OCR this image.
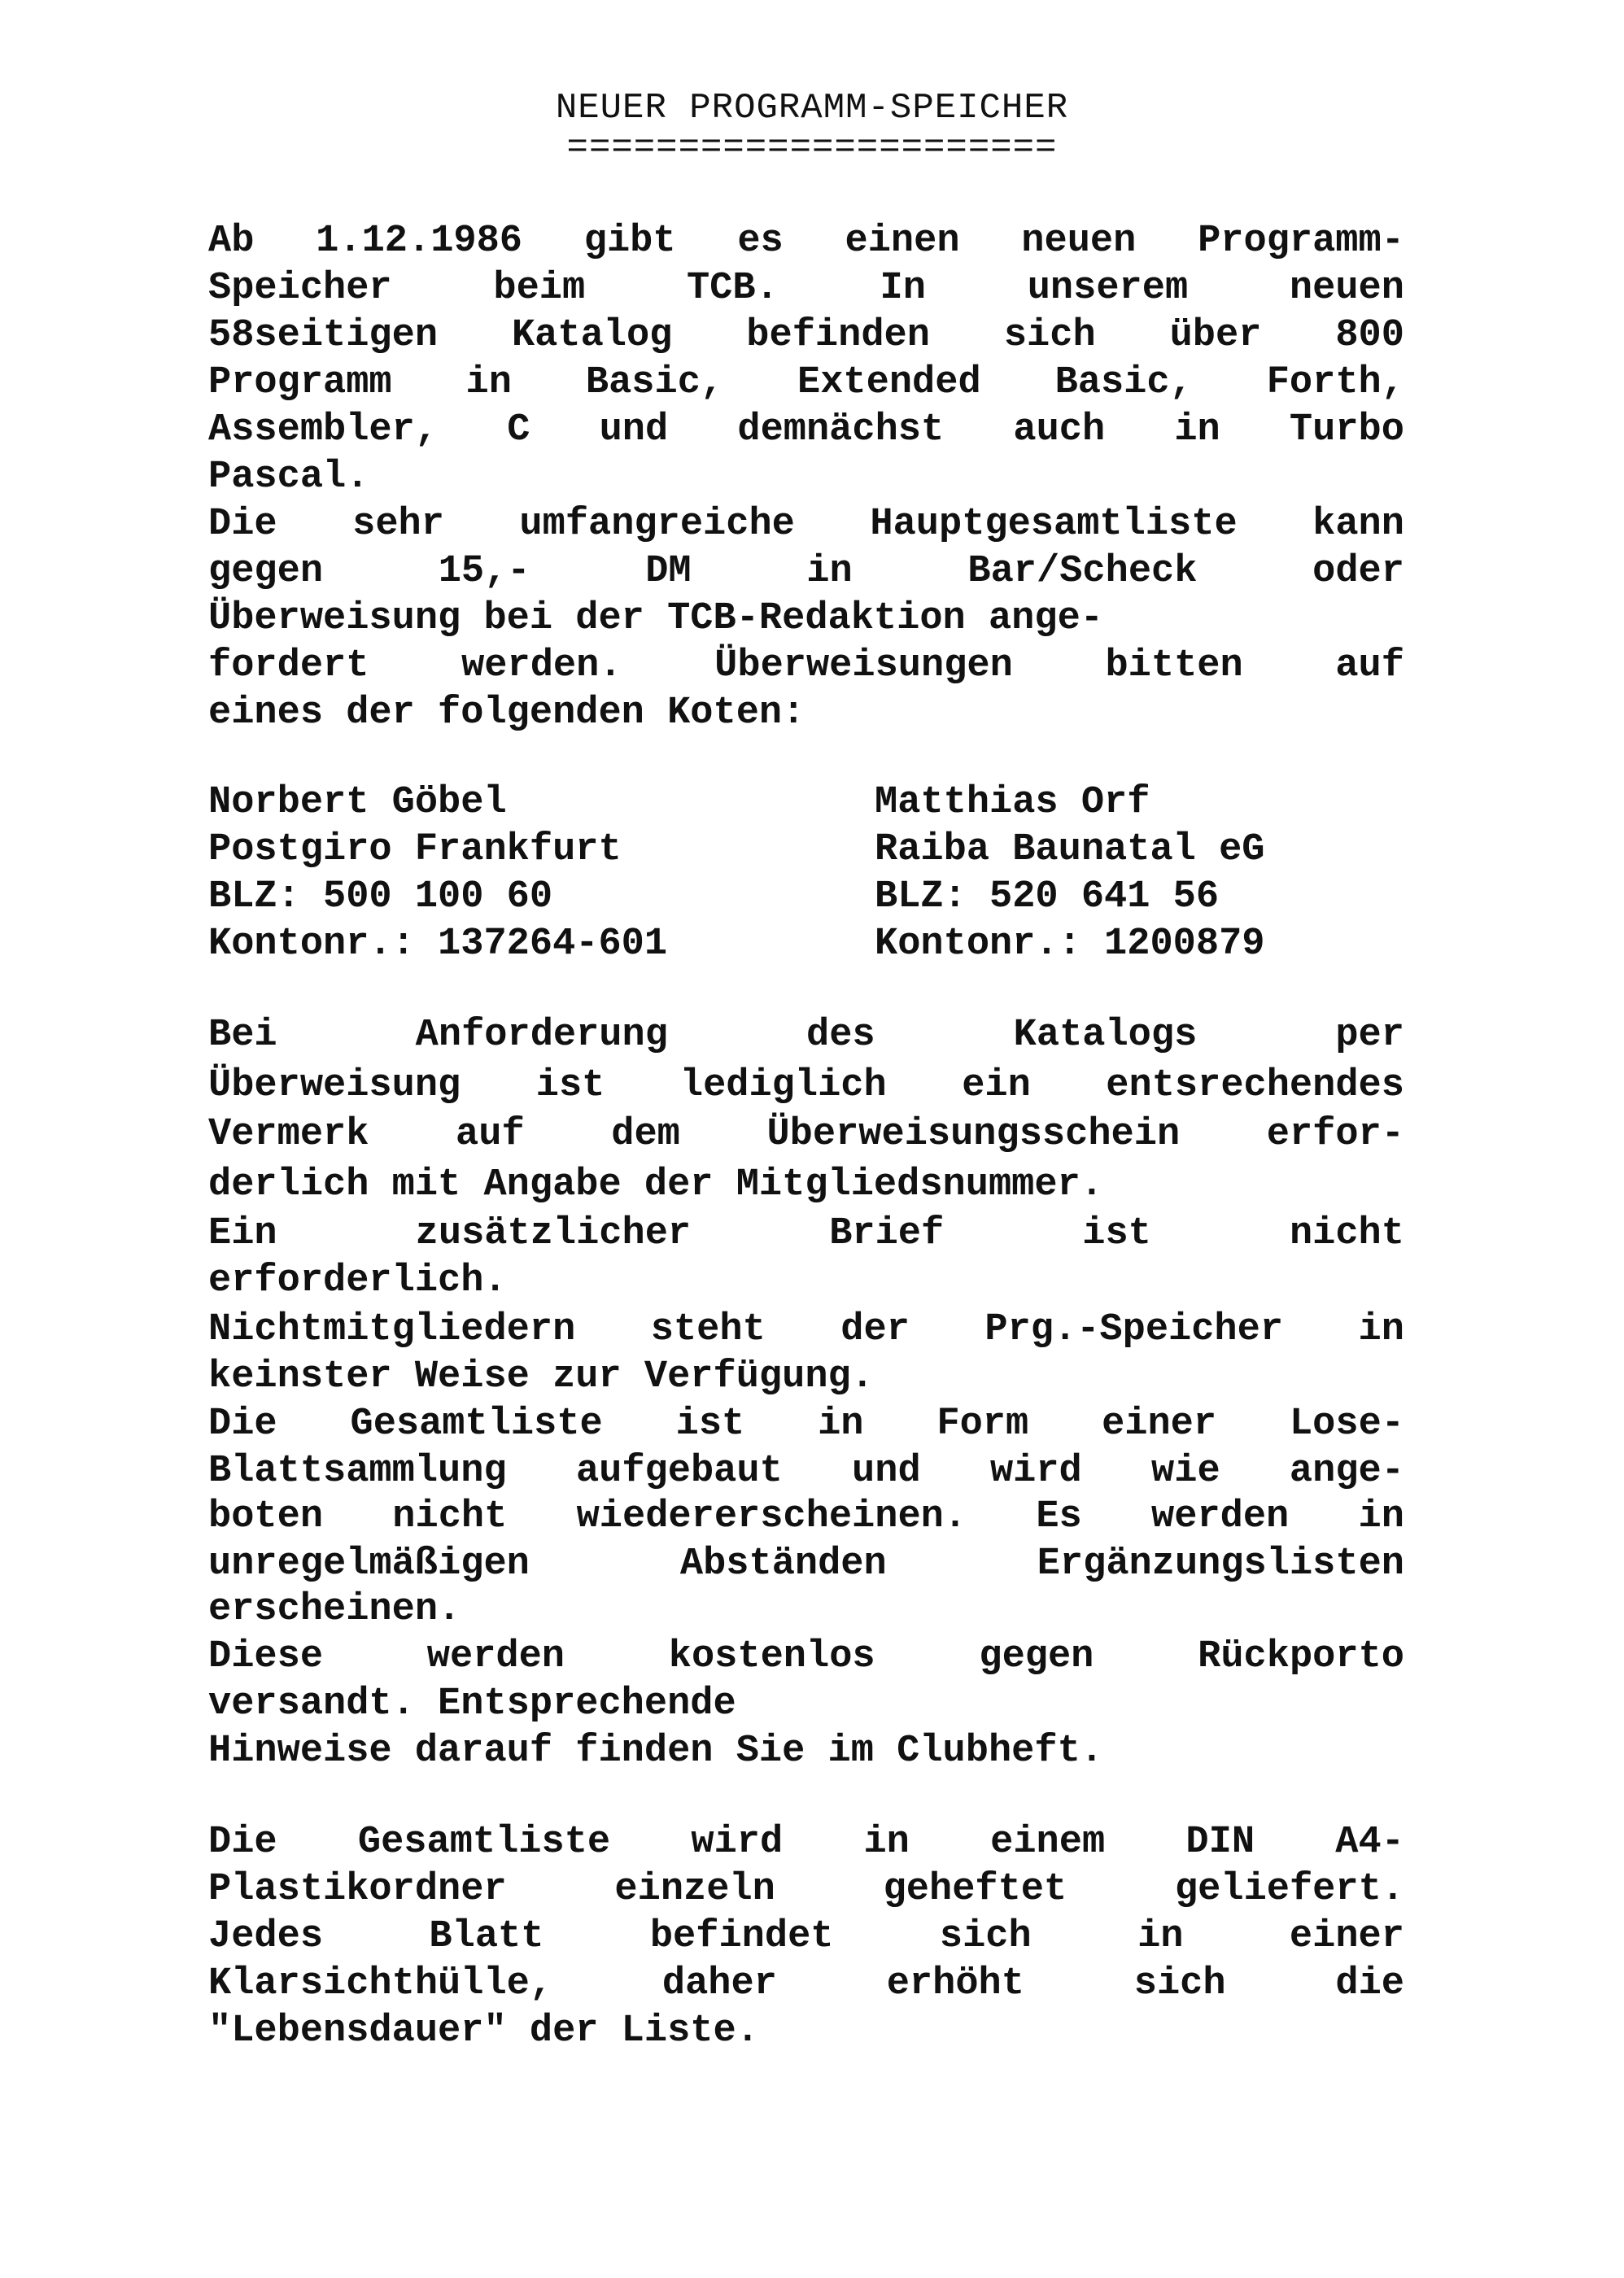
NEUER PROGRAMM-SPEICHER
======================
Ab 1.12.1986 gibt es einen neuen Programm-
Speicher	beim	TCB.	In	unserem	neuen
58seitigen Katalog befinden sich über 800
Programm in Basic, Extended Basic, Forth,
Assembler, C und demnächst auch in Turbo
Pascal.
Die sehr umfangreiche Hauptgesamtliste kann
gegen	15,-	DM	in	Bar/Scheck	oder
Überweisung bei der TCB-Redaktion ange-
fordert werden. Überweisungen bitten auf
eines der folgenden Koten:
Norbert Göbel
Postgiro Frankfurt
BLZ: 500 100 60
Kontonr.: 137264-601
Matthias Orf
Raiba Baunatal eG
BLZ: 520 641 56
Kontonr.: 1200879
Bei	Anforderung	des	Katalogs	per
Überweisung ist lediglich ein entsrechendes
Vermerk auf dem Überweisungsschein erfor-
derlich mit Angabe der Mitgliedsnummer.
Ein	zusätzlicher	Brief	ist	nicht
erforderlich.
Nichtmitgliedern steht der Prg.-Speicher in
keinster Weise zur Verfügung.
Die Gesamtliste ist in Form einer Lose-
Blattsammlung aufgebaut und wird wie ange-
boten nicht wiedererscheinen. Es werden in
unregelmäßigen	Abständen	Ergänzungslisten
erscheinen.
Diese	werden	kostenlos	gegen	Rückporto
versandt. Entsprechende
Hinweise darauf finden Sie im Clubheft.
Die Gesamtliste wird in einem DIN A4-
Plastikordner	einzeln	geheftet	geliefert.
Jedes	Blatt	befindet	sich	in	einer
Klarsichthülle,	daher	erhöht	sich	die
"Lebensdauer" der Liste.
